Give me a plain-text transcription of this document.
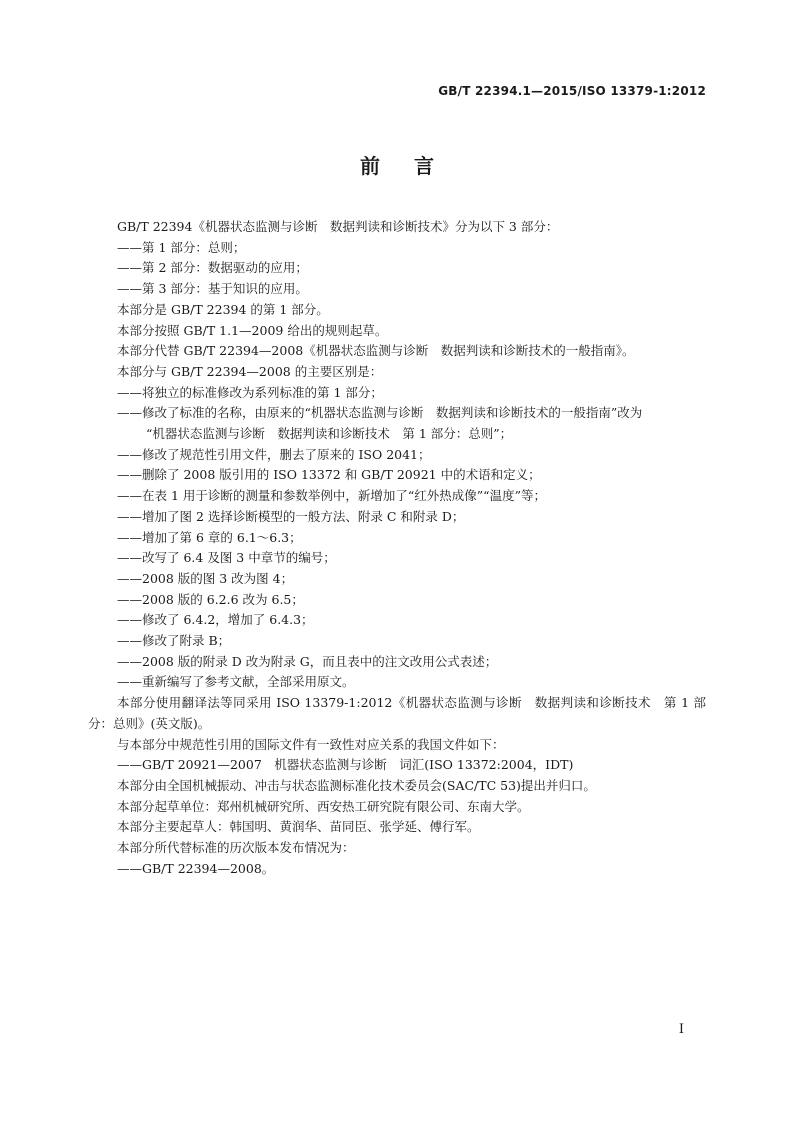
GB/T 22394.1—2015/ISO 13379-1:2012
前言
GB/T 22394《机器状态监测与诊断　数据判读和诊断技术》分为以下 3 部分：
——第 1 部分：总则；
——第 2 部分：数据驱动的应用；
——第 3 部分：基于知识的应用。
本部分是 GB/T 22394 的第 1 部分。
本部分按照 GB/T 1.1—2009 给出的规则起草。
本部分代替 GB/T 22394—2008《机器状态监测与诊断　数据判读和诊断技术的一般指南》。
本部分与 GB/T 22394—2008 的主要区别是：
——将独立的标准修改为系列标准的第 1 部分；
——修改了标准的名称，由原来的“机器状态监测与诊断　数据判读和诊断技术的一般指南”改为
“机器状态监测与诊断　数据判读和诊断技术　第 1 部分：总则”；
——修改了规范性引用文件，删去了原来的 ISO 2041；
——删除了 2008 版引用的 ISO 13372 和 GB/T 20921 中的术语和定义；
——在表 1 用于诊断的测量和参数举例中，新增加了“红外热成像”“温度”等；
——增加了图 2 选择诊断模型的一般方法、附录 C 和附录 D；
——增加了第 6 章的 6.1～6.3；
——改写了 6.4 及图 3 中章节的编号；
——2008 版的图 3 改为图 4；
——2008 版的 6.2.6 改为 6.5；
——修改了 6.4.2，增加了 6.4.3；
——修改了附录 B；
——2008 版的附录 D 改为附录 G，而且表中的注文改用公式表述；
——重新编写了参考文献，全部采用原文。
本部分使用翻译法等同采用 ISO 13379-1:2012《机器状态监测与诊断　数据判读和诊断技术　第 1 部分：总则》(英文版)。
与本部分中规范性引用的国际文件有一致性对应关系的我国文件如下：
——GB/T 20921—2007　机器状态监测与诊断　词汇(ISO 13372:2004，IDT)
本部分由全国机械振动、冲击与状态监测标准化技术委员会(SAC/TC 53)提出并归口。
本部分起草单位：郑州机械研究所、西安热工研究院有限公司、东南大学。
本部分主要起草人：韩国明、黄润华、苗同臣、张学延、傅行军。
本部分所代替标准的历次版本发布情况为：
——GB/T 22394—2008。
I
